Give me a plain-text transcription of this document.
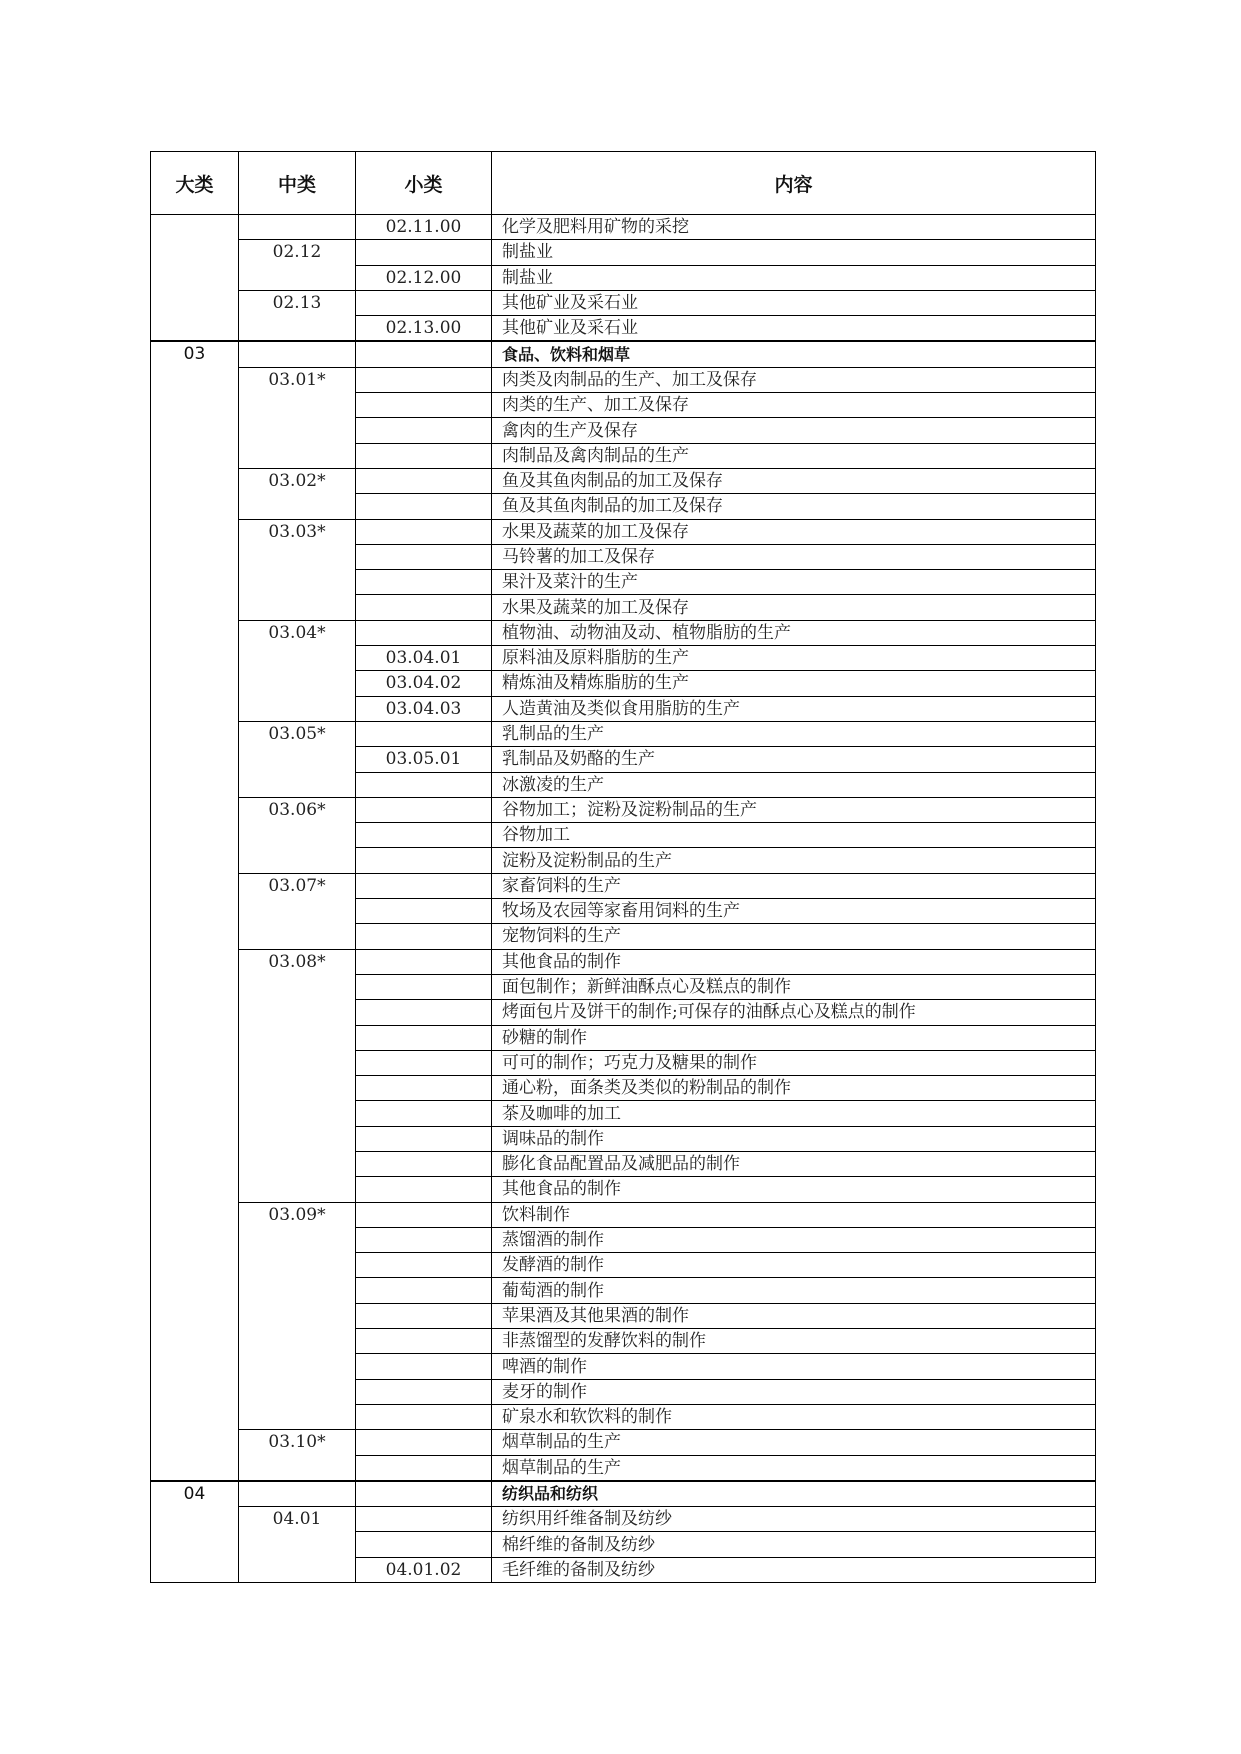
大类	中类	小类	内容
		02.11.00	化学及肥料用矿物的采挖
	02.12		制盐业
		02.12.00	制盐业
	02.13		其他矿业及采石业
		02.13.00	其他矿业及采石业
03			食品、饮料和烟草
	03.01*		肉类及肉制品的生产、加工及保存
			肉类的生产、加工及保存
			禽肉的生产及保存
			肉制品及禽肉制品的生产
	03.02*		鱼及其鱼肉制品的加工及保存
			鱼及其鱼肉制品的加工及保存
	03.03*		水果及蔬菜的加工及保存
			马铃薯的加工及保存
			果汁及菜汁的生产
			水果及蔬菜的加工及保存
	03.04*		植物油、动物油及动、植物脂肪的生产
		03.04.01	原料油及原料脂肪的生产
		03.04.02	精炼油及精炼脂肪的生产
		03.04.03	人造黄油及类似食用脂肪的生产
	03.05*		乳制品的生产
		03.05.01	乳制品及奶酪的生产
			冰激凌的生产
	03.06*		谷物加工；淀粉及淀粉制品的生产
			谷物加工
			淀粉及淀粉制品的生产
	03.07*		家畜饲料的生产
			牧场及农园等家畜用饲料的生产
			宠物饲料的生产
	03.08*		其他食品的制作
			面包制作；新鲜油酥点心及糕点的制作
			烤面包片及饼干的制作;可保存的油酥点心及糕点的制作
			砂糖的制作
			可可的制作；巧克力及糖果的制作
			通心粉，面条类及类似的粉制品的制作
			茶及咖啡的加工
			调味品的制作
			膨化食品配置品及减肥品的制作
			其他食品的制作
	03.09*		饮料制作
			蒸馏酒的制作
			发酵酒的制作
			葡萄酒的制作
			苹果酒及其他果酒的制作
			非蒸馏型的发酵饮料的制作
			啤酒的制作
			麦牙的制作
			矿泉水和软饮料的制作
	03.10*		烟草制品的生产
			烟草制品的生产
04			纺织品和纺织
	04.01		纺织用纤维备制及纺纱
			棉纤维的备制及纺纱
		04.01.02	毛纤维的备制及纺纱
